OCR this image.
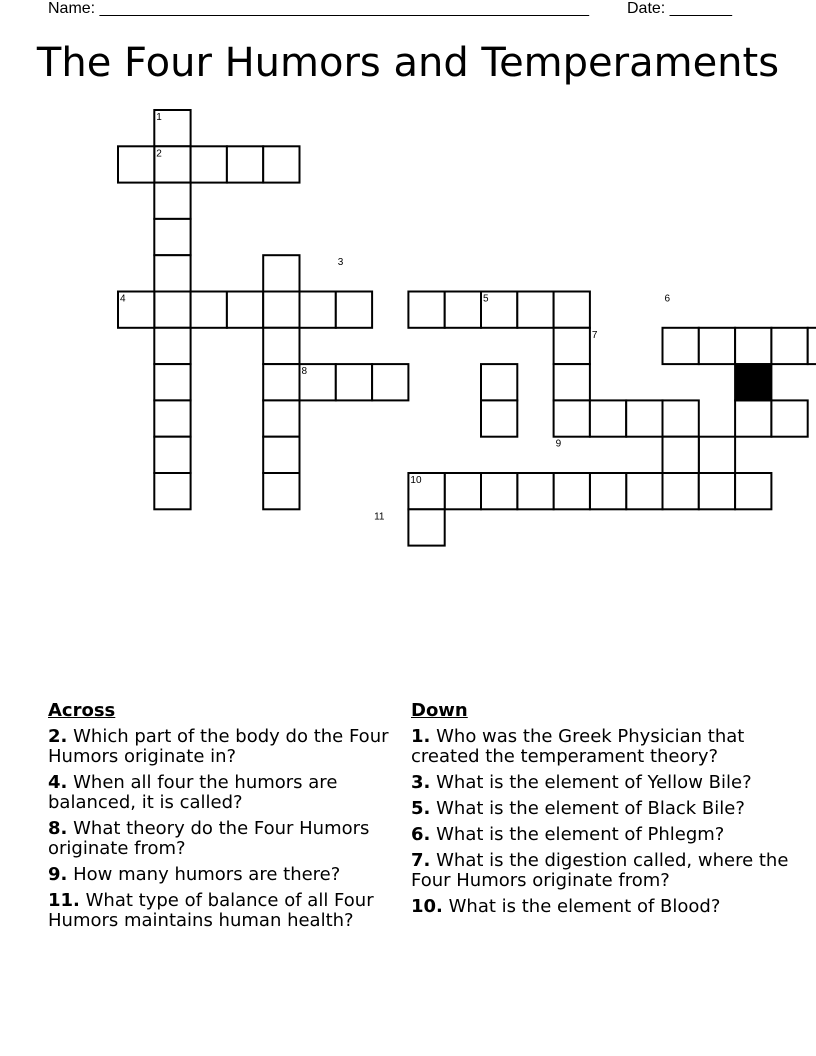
Name: _______________________________________________________ Date: _______
The Four Humors and Temperaments
1
2
3
4	5	6
7
8
9
10
11
Across
2. Which part of the body do the Four Humors originate in?
4. When all four the humors are balanced, it is called?
8. What theory do the Four Humors originate from?
9. How many humors are there?
11. What type of balance of all Four Humors maintains human health?
Down
1. Who was the Greek Physician that created the temperament theory?
3. What is the element of Yellow Bile?
5. What is the element of Black Bile?
6. What is the element of Phlegm?
7. What is the digestion called, where the Four Humors originate from?
10. What is the element of Blood?
